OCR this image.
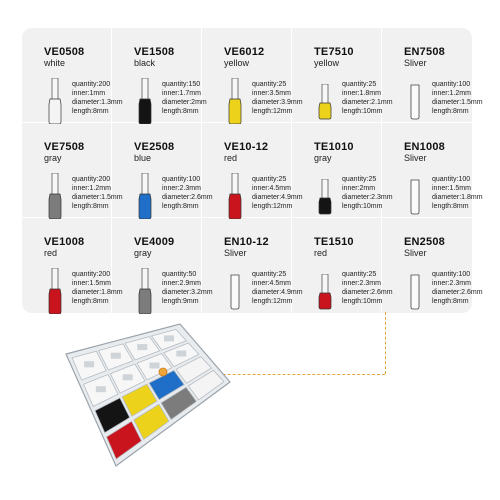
VE0508
white
quantity:200
inner:1mm
diameter:1.3mm
length:8mm
VE1508
black
quantity:150
inner:1.7mm
diameter:2mm
length:8mm
VE6012
yellow
quantity:25
inner:3.5mm
diameter:3.9mm
length:12mm
TE7510
yellow
quantity:25
inner:1.8mm
diameter:2.1mm
length:10mm
EN7508
Sliver
quantity:100
inner:1.2mm
diameter:1.5mm
length:8mm
VE7508
gray
quantity:200
inner:1.2mm
diameter:1.5mm
length:8mm
VE2508
blue
quantity:100
inner:2.3mm
diameter:2.6mm
length:8mm
VE10-12
red
quantity:25
inner:4.5mm
diameter:4.9mm
length:12mm
TE1010
gray
quantity:25
inner:2mm
diameter:2.3mm
length:10mm
EN1008
Sliver
quantity:100
inner:1.5mm
diameter:1.8mm
length:8mm
VE1008
red
quantity:200
inner:1.5mm
diameter:1.8mm
length:8mm
VE4009
gray
quantity:50
inner:2.9mm
diameter:3.2mm
length:9mm
EN10-12
Sliver
quantity:25
inner:4.5mm
diameter:4.9mm
length:12mm
TE1510
red
quantity:25
inner:2.3mm
diameter:2.6mm
length:10mm
EN2508
Sliver
quantity:100
inner:2.3mm
diameter:2.6mm
length:8mm
